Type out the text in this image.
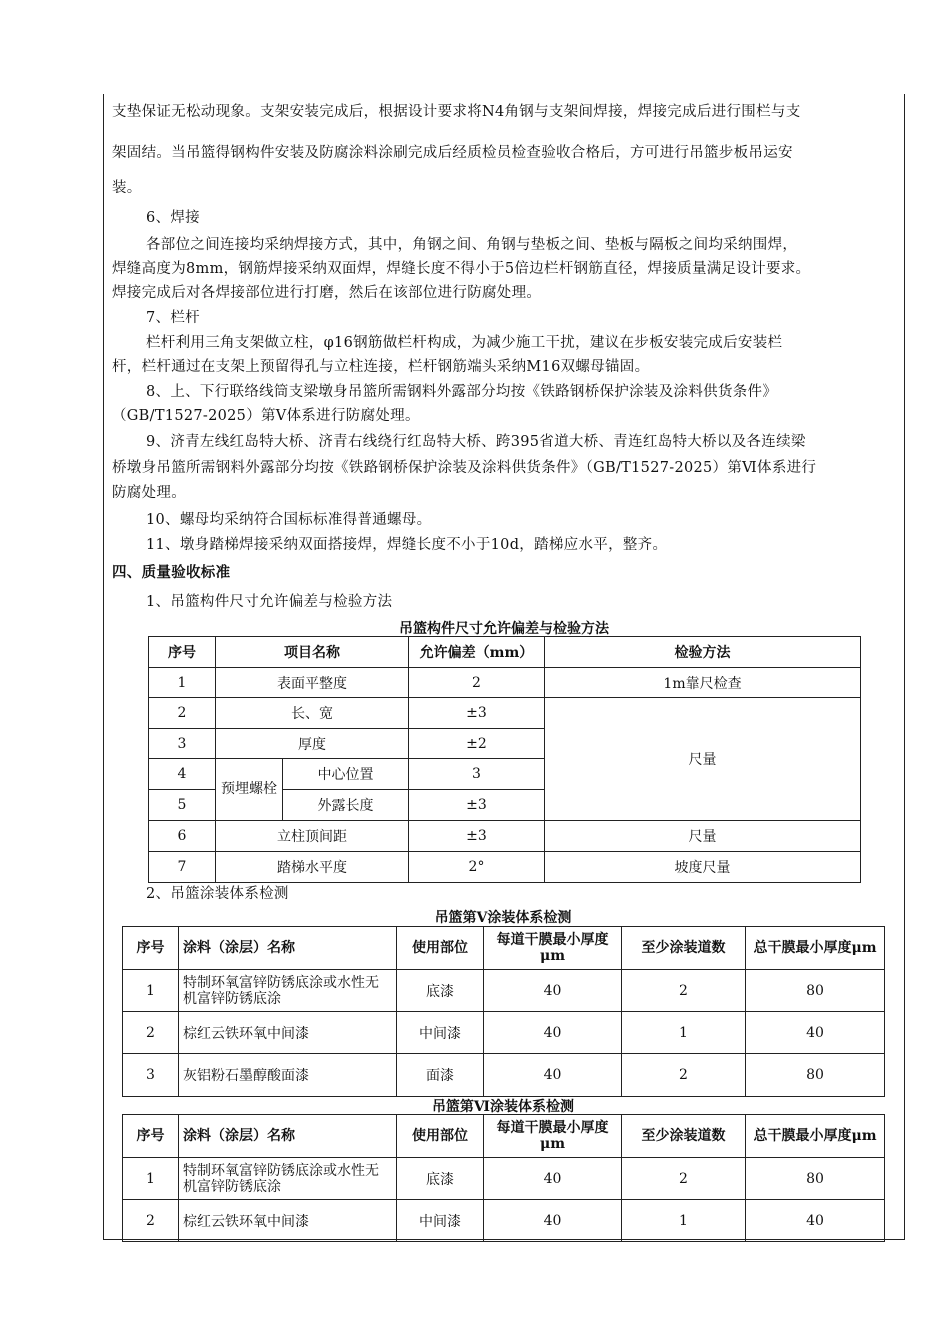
支垫保证无松动现象。支架安装完成后，根据设计要求将N4角钢与支架间焊接，焊接完成后进行围栏与支
架固结。当吊篮得钢构件安装及防腐涂料涂刷完成后经质检员检查验收合格后，方可进行吊篮步板吊运安
装。
6、焊接
各部位之间连接均采纳焊接方式，其中，角钢之间、角钢与垫板之间、垫板与隔板之间均采纳围焊，
焊缝高度为8mm，钢筋焊接采纳双面焊，焊缝长度不得小于5倍边栏杆钢筋直径，焊接质量满足设计要求。
焊接完成后对各焊接部位进行打磨，然后在该部位进行防腐处理。
7、栏杆
栏杆利用三角支架做立柱，φ16钢筋做栏杆构成，为减少施工干扰，建议在步板安装完成后安装栏
杆，栏杆通过在支架上预留得孔与立柱连接，栏杆钢筋端头采纳M16双螺母锚固。
8、上、下行联络线筒支梁墩身吊篮所需钢料外露部分均按《铁路钢桥保护涂装及涂料供货条件》
（GB/T1527-2025）第Ⅴ体系进行防腐处理。
9、济青左线红岛特大桥、济青右线绕行红岛特大桥、跨395省道大桥、青连红岛特大桥以及各连续梁
桥墩身吊篮所需钢料外露部分均按《铁路钢桥保护涂装及涂料供货条件》（GB/T1527-2025）第Ⅵ体系进行
防腐处理。
10、螺母均采纳符合国标标准得普通螺母。
11、墩身踏梯焊接采纳双面搭接焊，焊缝长度不小于10d，踏梯应水平，整齐。
四、质量验收标准
1、吊篮构件尺寸允许偏差与检验方法
吊篮构件尺寸允许偏差与检验方法
序号	项目名称		允许偏差（mm）	检验方法
1	表面平整度		2	1m靠尺检查
2	长、宽		±3	尺量
3	厚度		±2	
4	预埋螺栓	中心位置	3	
5		外露长度	±3	
6	立柱顶间距		±3	尺量
7	踏梯水平度		2°	坡度尺量
2、吊篮涂装体系检测
吊篮第Ⅴ涂装体系检测
序号	涂料（涂层）名称	使用部位	每道干膜最小厚度 μm	至少涂装道数	总干膜最小厚度μm
1	特制环氧富锌防锈底涂或水性无机富锌防锈底涂	底漆	40	2	80
2	棕红云铁环氧中间漆	中间漆	40	1	40
3	灰铝粉石墨醇酸面漆	面漆	40	2	80
吊篮第Ⅵ涂装体系检测
序号	涂料（涂层）名称	使用部位	每道干膜最小厚度 μm	至少涂装道数	总干膜最小厚度μm
1	特制环氧富锌防锈底涂或水性无机富锌防锈底涂	底漆	40	2	80
2	棕红云铁环氧中间漆	中间漆	40	1	40
